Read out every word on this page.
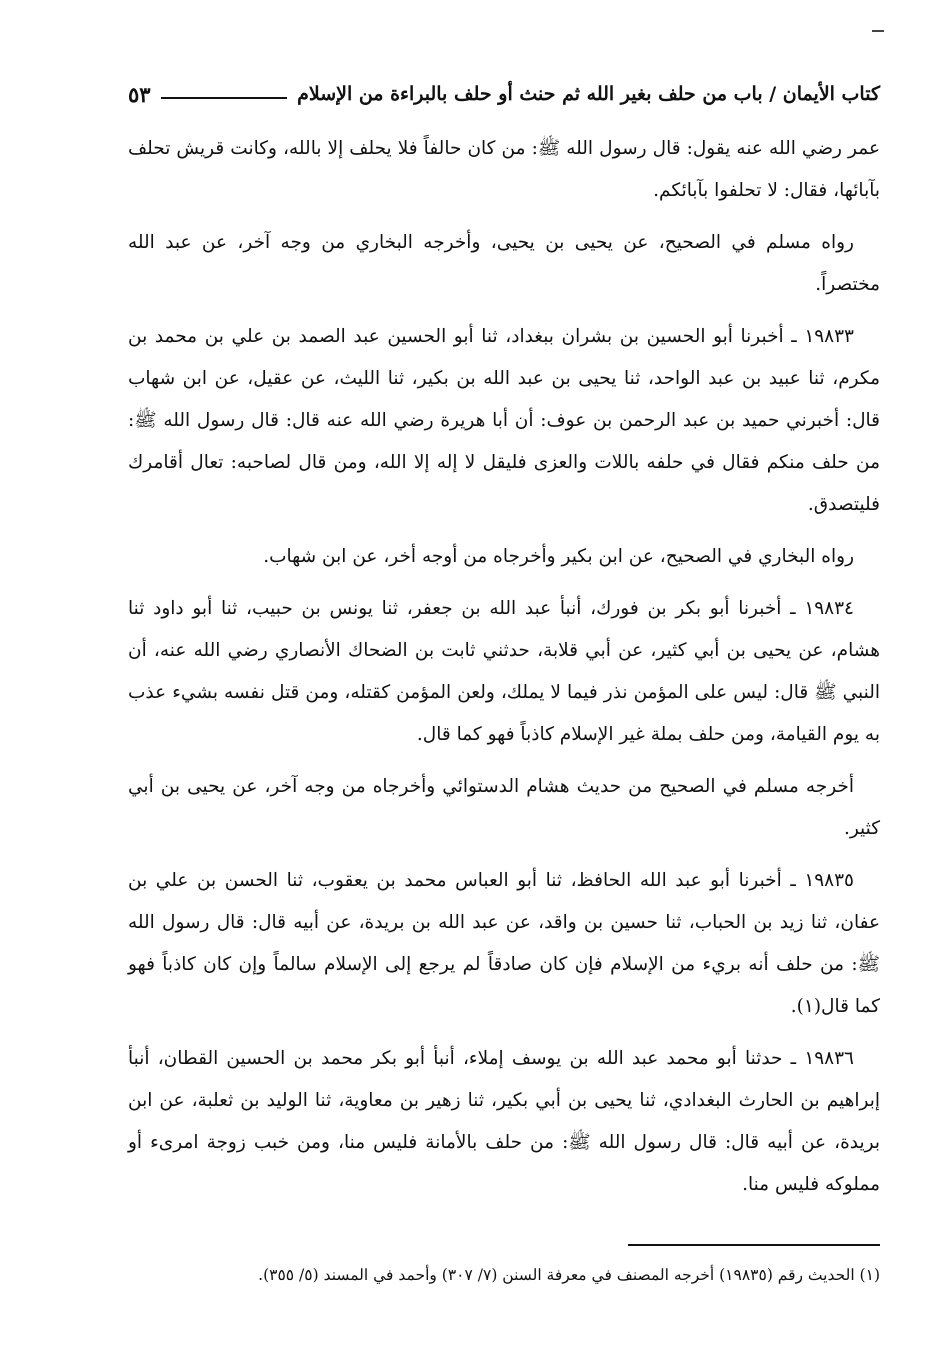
كتاب الأيمان / باب من حلف بغير الله ثم حنث أو حلف بالبراءة من الإسلام
٥٣

عمر رضي الله عنه يقول: قال رسول الله ﷺ: من كان حالفاً فلا يحلف إلا بالله، وكانت قريش تحلف بآبائها، فقال: لا تحلفوا بآبائكم.

رواه مسلم في الصحيح، عن يحيى بن يحيى، وأخرجه البخاري من وجه آخر، عن عبد الله مختصراً.

١٩٨٣٣ ـ أخبرنا أبو الحسين بن بشران ببغداد، ثنا أبو الحسين عبد الصمد بن علي بن محمد بن مكرم، ثنا عبيد بن عبد الواحد، ثنا يحيى بن عبد الله بن بكير، ثنا الليث، عن عقيل، عن ابن شهاب قال: أخبرني حميد بن عبد الرحمن بن عوف: أن أبا هريرة رضي الله عنه قال: قال رسول الله ﷺ: من حلف منكم فقال في حلفه باللات والعزى فليقل لا إله إلا الله، ومن قال لصاحبه: تعال أقامرك فليتصدق.

رواه البخاري في الصحيح، عن ابن بكير وأخرجاه من أوجه أخر، عن ابن شهاب.

١٩٨٣٤ ـ أخبرنا أبو بكر بن فورك، أنبأ عبد الله بن جعفر، ثنا يونس بن حبيب، ثنا أبو داود ثنا هشام، عن يحيى بن أبي كثير، عن أبي قلابة، حدثني ثابت بن الضحاك الأنصاري رضي الله عنه، أن النبي ﷺ قال: ليس على المؤمن نذر فيما لا يملك، ولعن المؤمن كقتله، ومن قتل نفسه بشيء عذب به يوم القيامة، ومن حلف بملة غير الإسلام كاذباً فهو كما قال.

أخرجه مسلم في الصحيح من حديث هشام الدستوائي وأخرجاه من وجه آخر، عن يحيى بن أبي كثير.

١٩٨٣٥ ـ أخبرنا أبو عبد الله الحافظ، ثنا أبو العباس محمد بن يعقوب، ثنا الحسن بن علي بن عفان، ثنا زيد بن الحباب، ثنا حسين بن واقد، عن عبد الله بن بريدة، عن أبيه قال: قال رسول الله ﷺ: من حلف أنه بريء من الإسلام فإن كان صادقاً لم يرجع إلى الإسلام سالماً وإن كان كاذباً فهو كما قال(١).

١٩٨٣٦ ـ حدثنا أبو محمد عبد الله بن يوسف إملاء، أنبأ أبو بكر محمد بن الحسين القطان، أنبأ إبراهيم بن الحارث البغدادي، ثنا يحيى بن أبي بكير، ثنا زهير بن معاوية، ثنا الوليد بن ثعلبة، عن ابن بريدة، عن أبيه قال: قال رسول الله ﷺ: من حلف بالأمانة فليس منا، ومن خبب زوجة امرىء أو مملوكه فليس منا.

(١) الحديث رقم (١٩٨٣٥) أخرجه المصنف في معرفة السنن (٧/ ٣٠٧) وأحمد في المسند (٥/ ٣٥٥).
